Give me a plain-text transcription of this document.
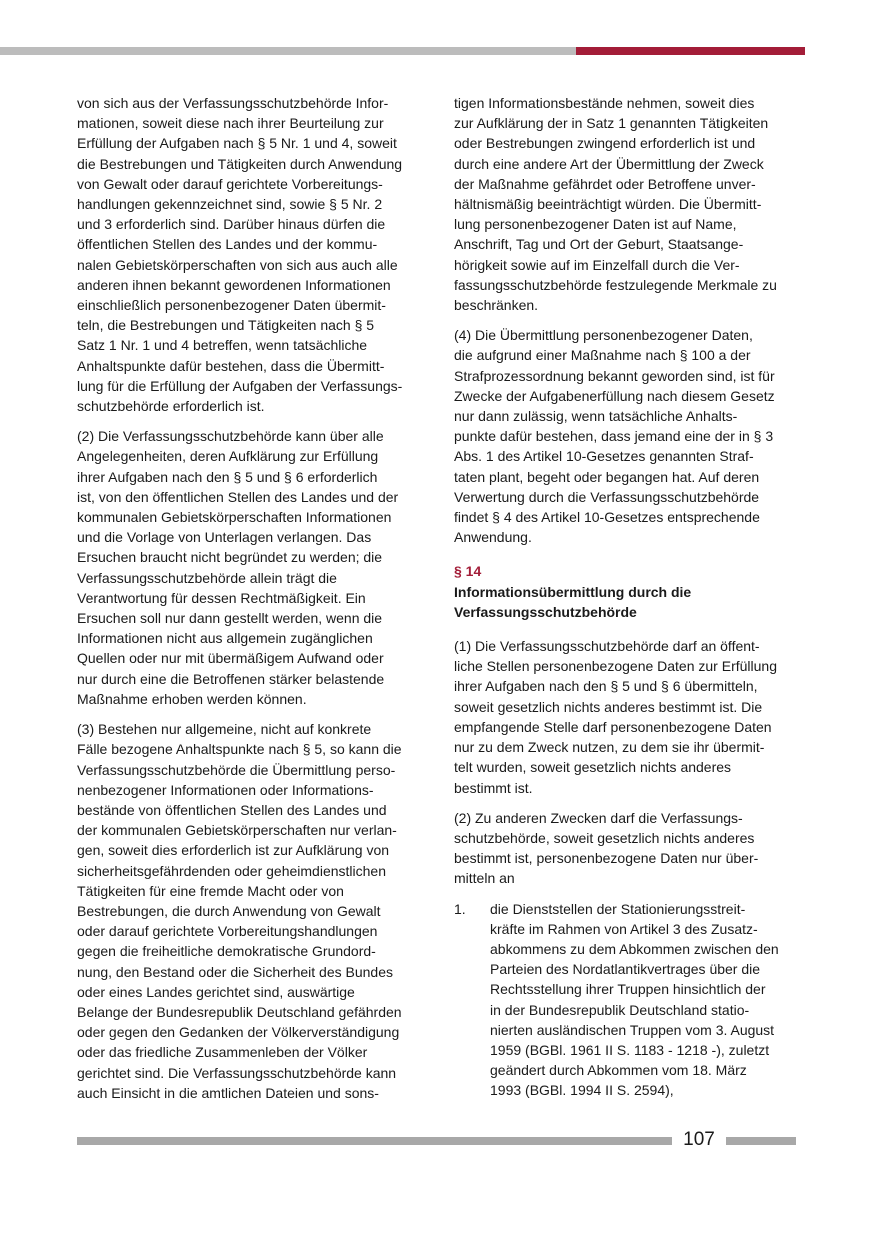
von sich aus der Verfassungsschutzbehörde Infor-
mationen, soweit diese nach ihrer Beurteilung zur
Erfüllung der Aufgaben nach § 5 Nr. 1 und 4, soweit
die Bestrebungen und Tätigkeiten durch Anwendung
von Gewalt oder darauf gerichtete Vorbereitungs-
handlungen gekennzeichnet sind, sowie § 5 Nr. 2
und 3 erforderlich sind. Darüber hinaus dürfen die
öffentlichen Stellen des Landes und der kommu-
nalen Gebietskörperschaften von sich aus auch alle
anderen ihnen bekannt gewordenen Informationen
einschließlich personenbezogener Daten übermit-
teln, die Bestrebungen und Tätigkeiten nach § 5
Satz 1 Nr. 1 und 4 betreffen, wenn tatsächliche
Anhaltspunkte dafür bestehen, dass die Übermitt-
lung für die Erfüllung der Aufgaben der Verfassungs-
schutzbehörde erforderlich ist.

(2) Die Verfassungsschutzbehörde kann über alle
Angelegenheiten, deren Aufklärung zur Erfüllung
ihrer Aufgaben nach den § 5 und § 6 erforderlich
ist, von den öffentlichen Stellen des Landes und der
kommunalen Gebietskörperschaften Informationen
und die Vorlage von Unterlagen verlangen. Das
Ersuchen braucht nicht begründet zu werden; die
Verfassungsschutzbehörde allein trägt die
Verantwortung für dessen Rechtmäßigkeit. Ein
Ersuchen soll nur dann gestellt werden, wenn die
Informationen nicht aus allgemein zugänglichen
Quellen oder nur mit übermäßigem Aufwand oder
nur durch eine die Betroffenen stärker belastende
Maßnahme erhoben werden können.

(3) Bestehen nur allgemeine, nicht auf konkrete
Fälle bezogene Anhaltspunkte nach § 5, so kann die
Verfassungsschutzbehörde die Übermittlung perso-
nenbezogener Informationen oder Informations-
bestände von öffentlichen Stellen des Landes und
der kommunalen Gebietskörperschaften nur verlan-
gen, soweit dies erforderlich ist zur Aufklärung von
sicherheitsgefährdenden oder geheimdienstlichen
Tätigkeiten für eine fremde Macht oder von
Bestrebungen, die durch Anwendung von Gewalt
oder darauf gerichtete Vorbereitungshandlungen
gegen die freiheitliche demokratische Grundord-
nung, den Bestand oder die Sicherheit des Bundes
oder eines Landes gerichtet sind, auswärtige
Belange der Bundesrepublik Deutschland gefährden
oder gegen den Gedanken der Völkerverständigung
oder das friedliche Zusammenleben der Völker
gerichtet sind. Die Verfassungsschutzbehörde kann
auch Einsicht in die amtlichen Dateien und sons-

tigen Informationsbestände nehmen, soweit dies
zur Aufklärung der in Satz 1 genannten Tätigkeiten
oder Bestrebungen zwingend erforderlich ist und
durch eine andere Art der Übermittlung der Zweck
der Maßnahme gefährdet oder Betroffene unver-
hältnismäßig beeinträchtigt würden. Die Übermitt-
lung personenbezogener Daten ist auf Name,
Anschrift, Tag und Ort der Geburt, Staatsange-
hörigkeit sowie auf im Einzelfall durch die Ver-
fassungsschutzbehörde festzulegende Merkmale zu
beschränken.

(4) Die Übermittlung personenbezogener Daten,
die aufgrund einer Maßnahme nach § 100 a der
Strafprozessordnung bekannt geworden sind, ist für
Zwecke der Aufgabenerfüllung nach diesem Gesetz
nur dann zulässig, wenn tatsächliche Anhalts-
punkte dafür bestehen, dass jemand eine der in § 3
Abs. 1 des Artikel 10-Gesetzes genannten Straf-
taten plant, begeht oder begangen hat. Auf deren
Verwertung durch die Verfassungsschutzbehörde
findet § 4 des Artikel 10-Gesetzes entsprechende
Anwendung.

§ 14
Informationsübermittlung durch die
Verfassungsschutzbehörde

(1) Die Verfassungsschutzbehörde darf an öffent-
liche Stellen personenbezogene Daten zur Erfüllung
ihrer Aufgaben nach den § 5 und § 6 übermitteln,
soweit gesetzlich nichts anderes bestimmt ist. Die
empfangende Stelle darf personenbezogene Daten
nur zu dem Zweck nutzen, zu dem sie ihr übermit-
telt wurden, soweit gesetzlich nichts anderes
bestimmt ist.

(2) Zu anderen Zwecken darf die Verfassungs-
schutzbehörde, soweit gesetzlich nichts anderes
bestimmt ist, personenbezogene Daten nur über-
mitteln an

1.	die Dienststellen der Stationierungsstreit-
kräfte im Rahmen von Artikel 3 des Zusatz-
abkommens zu dem Abkommen zwischen den
Parteien des Nordatlantikvertrages über die
Rechtsstellung ihrer Truppen hinsichtlich der
in der Bundesrepublik Deutschland statio-
nierten ausländischen Truppen vom 3. August
1959 (BGBl. 1961 II S. 1183 - 1218 -), zuletzt
geändert durch Abkommen vom 18. März
1993 (BGBl. 1994 II S. 2594),
107
